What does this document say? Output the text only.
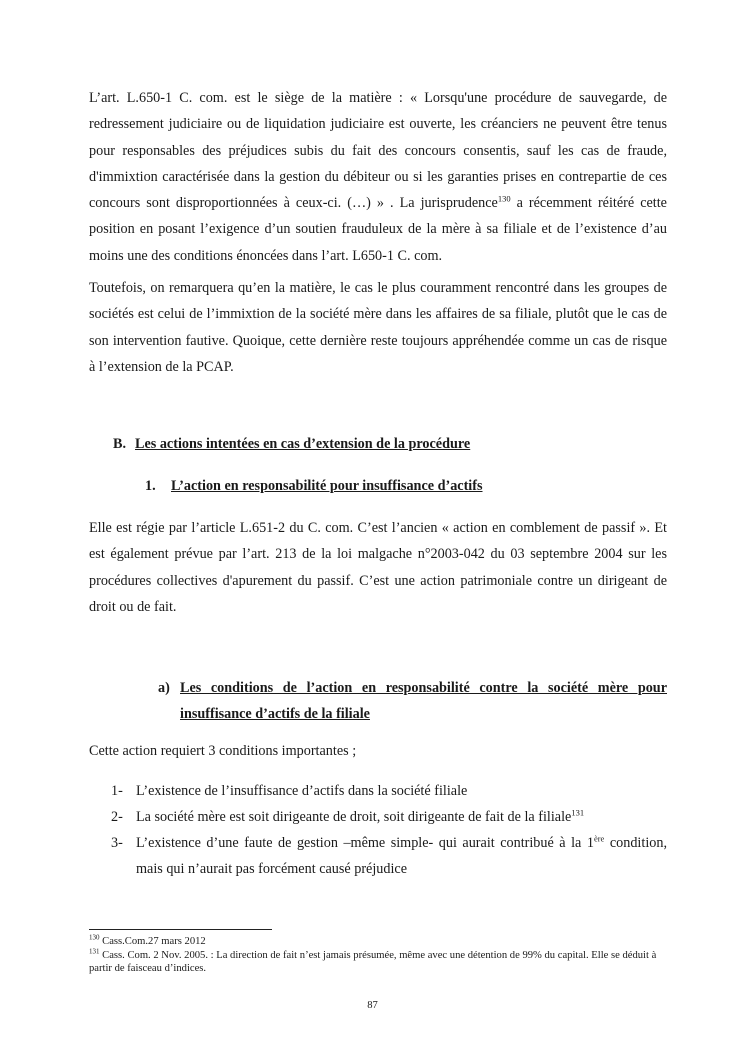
L’art. L.650-1 C. com. est le siège de la matière : « Lorsqu'une procédure de sauvegarde, de redressement judiciaire ou de liquidation judiciaire est ouverte, les créanciers ne peuvent être tenus pour responsables des préjudices subis du fait des concours consentis, sauf les cas de fraude, d'immixtion caractérisée dans la gestion du débiteur ou si les garanties prises en contrepartie de ces concours sont disproportionnées à ceux-ci. (…) » . La jurisprudence$^{130}$ a récemment réitéré cette position en posant l’exigence d’un soutien frauduleux de la mère à sa filiale et de l’existence d’au moins une des conditions énoncées dans l’art. L650-1 C. com.

Toutefois, on remarquera qu’en la matière, le cas le plus couramment rencontré dans les groupes de sociétés est celui de l’immixtion de la société mère dans les affaires de sa filiale, plutôt que le cas de son intervention fautive. Quoique, cette dernière reste toujours appréhendée comme un cas de risque à l’extension de la PCAP.

B. Les actions intentées en cas d’extension de la procédure
1. L’action en responsabilité pour insuffisance d’actifs

Elle est régie par l’article L.651-2 du C. com. C’est l’ancien « action en comblement de passif ». Et est également prévue par l’art. 213 de la loi malgache n°2003-042 du 03 septembre 2004 sur les procédures collectives d'apurement du passif. C’est une action patrimoniale contre un dirigeant de droit ou de fait.

a) Les conditions de l’action en responsabilité contre la société mère pour insuffisance d’actifs de la filiale

Cette action requiert 3 conditions importantes ;

1- L’existence de l’insuffisance d’actifs dans la société filiale
2- La société mère est soit dirigeante de droit, soit dirigeante de fait de la filiale$^{131}$
3- L’existence d’une faute de gestion –même simple- qui aurait contribué à la 1ère condition, mais qui n’aurait pas forcément causé préjudice

$^{130}$ Cass.Com.27 mars 2012

$^{131}$ Cass. Com. 2 Nov. 2005. : La direction de fait n’est jamais présumée, même avec une détention de 99% du capital. Elle se déduit à partir de faisceau d’indices.

87
